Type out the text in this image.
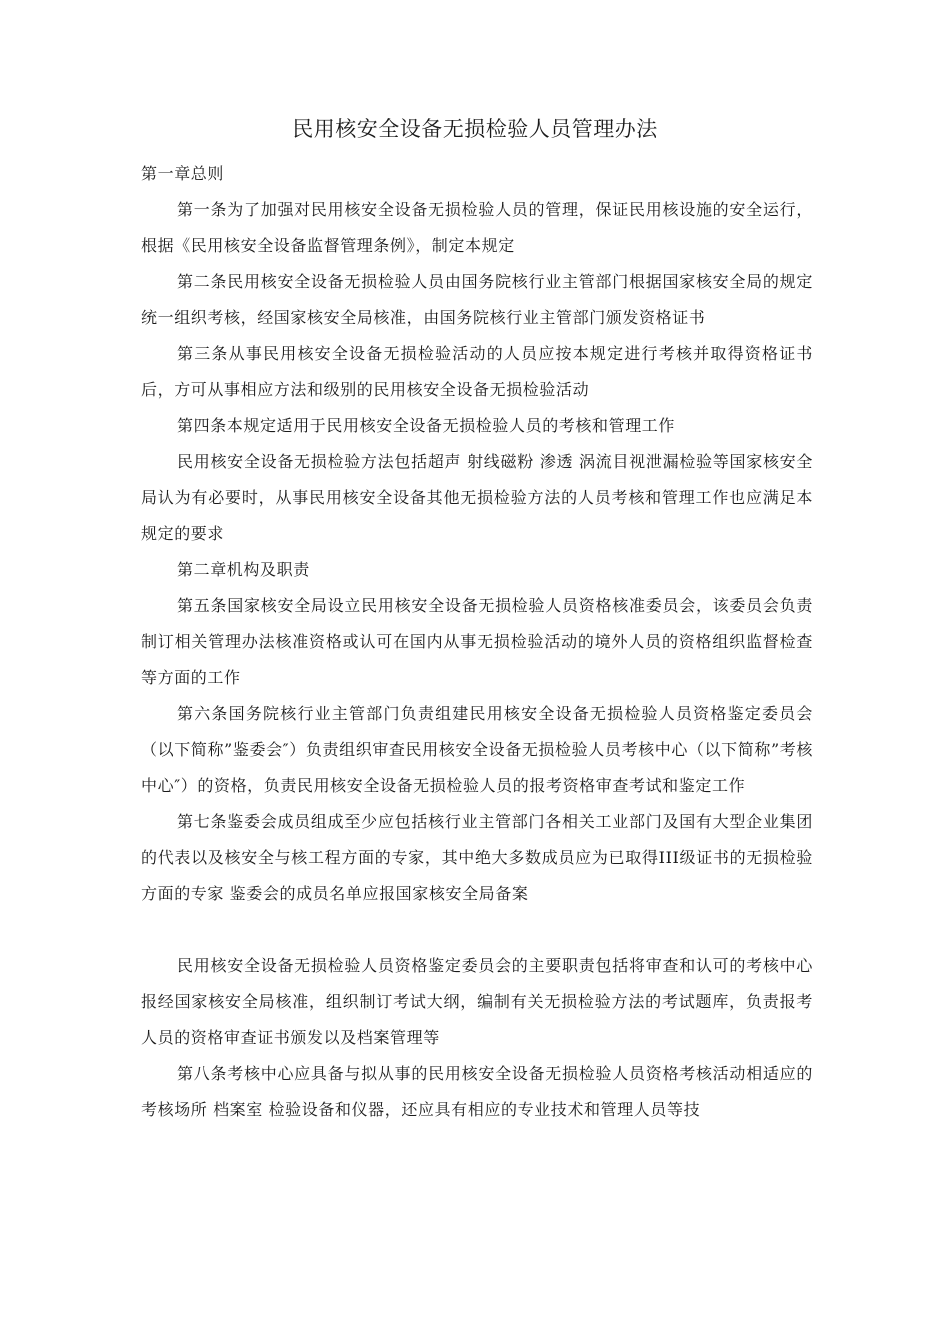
民用核安全设备无损检验人员管理办法

第一章总则

第一条为了加强对民用核安全设备无损检验人员的管理，保证民用核设施的安全运行，根据《民用核安全设备监督管理条例》，制定本规定

第二条民用核安全设备无损检验人员由国务院核行业主管部门根据国家核安全局的规定统一组织考核，经国家核安全局核准，由国务院核行业主管部门颁发资格证书

第三条从事民用核安全设备无损检验活动的人员应按本规定进行考核并取得资格证书后，方可从事相应方法和级别的民用核安全设备无损检验活动

第四条本规定适用于民用核安全设备无损检验人员的考核和管理工作

民用核安全设备无损检验方法包括超声 射线磁粉 渗透 涡流目视泄漏检验等国家核安全局认为有必要时，从事民用核安全设备其他无损检验方法的人员考核和管理工作也应满足本规定的要求

第二章机构及职责

第五条国家核安全局设立民用核安全设备无损检验人员资格核准委员会，该委员会负责制订相关管理办法核准资格或认可在国内从事无损检验活动的境外人员的资格组织监督检查等方面的工作

第六条国务院核行业主管部门负责组建民用核安全设备无损检验人员资格鉴定委员会（以下简称”鉴委会″）负责组织审查民用核安全设备无损检验人员考核中心（以下简称”考核中心″）的资格，负责民用核安全设备无损检验人员的报考资格审查考试和鉴定工作

第七条鉴委会成员组成至少应包括核行业主管部门各相关工业部门及国有大型企业集团的代表以及核安全与核工程方面的专家，其中绝大多数成员应为已取得III级证书的无损检验方面的专家 鉴委会的成员名单应报国家核安全局备案

民用核安全设备无损检验人员资格鉴定委员会的主要职责包括将审查和认可的考核中心报经国家核安全局核准，组织制订考试大纲，编制有关无损检验方法的考试题库，负责报考人员的资格审查证书颁发以及档案管理等

第八条考核中心应具备与拟从事的民用核安全设备无损检验人员资格考核活动相适应的考核场所 档案室 检验设备和仪器，还应具有相应的专业技术和管理人员等技
